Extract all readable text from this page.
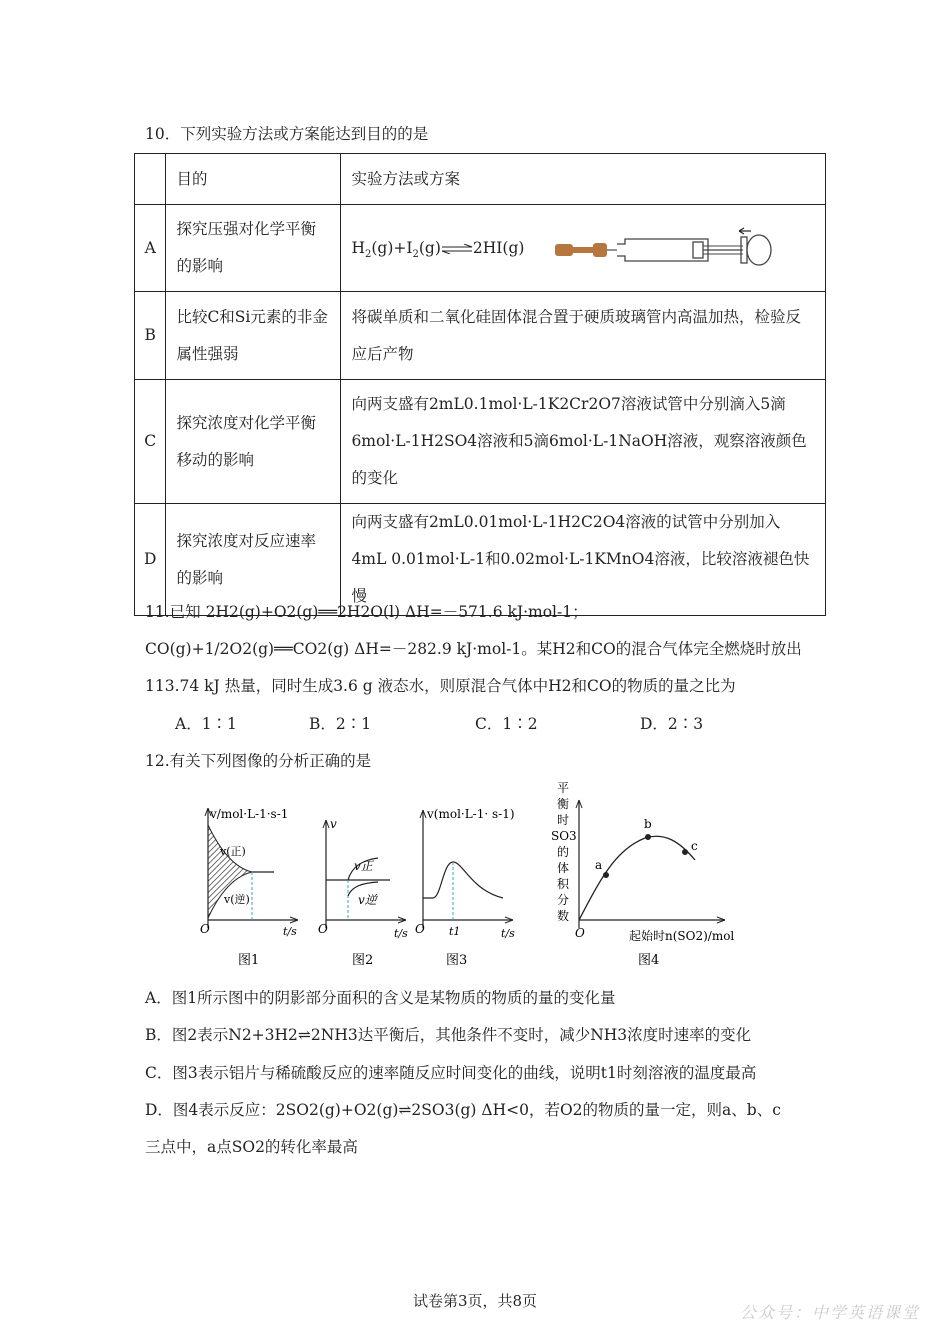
10．下列实验方法或方案能达到目的的是
	目的	实验方法或方案
A	探究压强对化学平衡的影响	$H_2(g)+I_2(g)$ 2HI(g)

B	比较C和Si元素的非金属性强弱	将碳单质和二氧化硅固体混合置于硬质玻璃管内高温加热，检验反应后产物
C	探究浓度对化学平衡移动的影响	向两支盛有2mL0.1mol·L-1K2Cr2O7溶液试管中分别滴入5滴6mol·L-1H2SO4溶液和5滴6mol·L-1NaOH溶液，观察溶液颜色的变化
D	探究浓度对反应速率的影响	向两支盛有2mL0.01mol·L-1H2C2O4溶液的试管中分别加入4mL 0.01mol·L-1和0.02mol·L-1KMnO4溶液，比较溶液褪色快慢
11.已知 2H2(g)+O2(g)══2H2O(l) ΔH=－571.6 kJ·mol-1；
CO(g)+1/2O2(g)══CO2(g) ΔH=－282.9 kJ·mol-1。某H2和CO的混合气体完全燃烧时放出
113.74 kJ 热量，同时生成3.6 g 液态水，则原混合气体中H2和CO的物质的量之比为
A．1∶1	B．2∶1	C．1∶2	D．2∶3
12.有关下列图像的分析正确的是
v/mol·L-1·s-1
v(正)
v(逆)
O	t/s
图1
v
v正
v逆
O	t/s
图2
v(mol·L-1· s-1)
O t1	t/s
图3
平衡时 SO3 的体积分数
a
b
c
O	起始时n(SO2)/mol
图4
A．图1所示图中的阴影部分面积的含义是某物质的物质的量的变化量
B．图2表示N2+3H2⇌2NH3达平衡后，其他条件不变时，减少NH3浓度时速率的变化
C．图3表示铝片与稀硫酸反应的速率随反应时间变化的曲线，说明t1时刻溶液的温度最高
D．图4表示反应：2SO2(g)+O2(g)⇌2SO3(g) ΔH<0，若O2的物质的量一定，则a、b、c
三点中，a点SO2的转化率最高
试卷第3页，共8页
公众号：中学英语课堂
